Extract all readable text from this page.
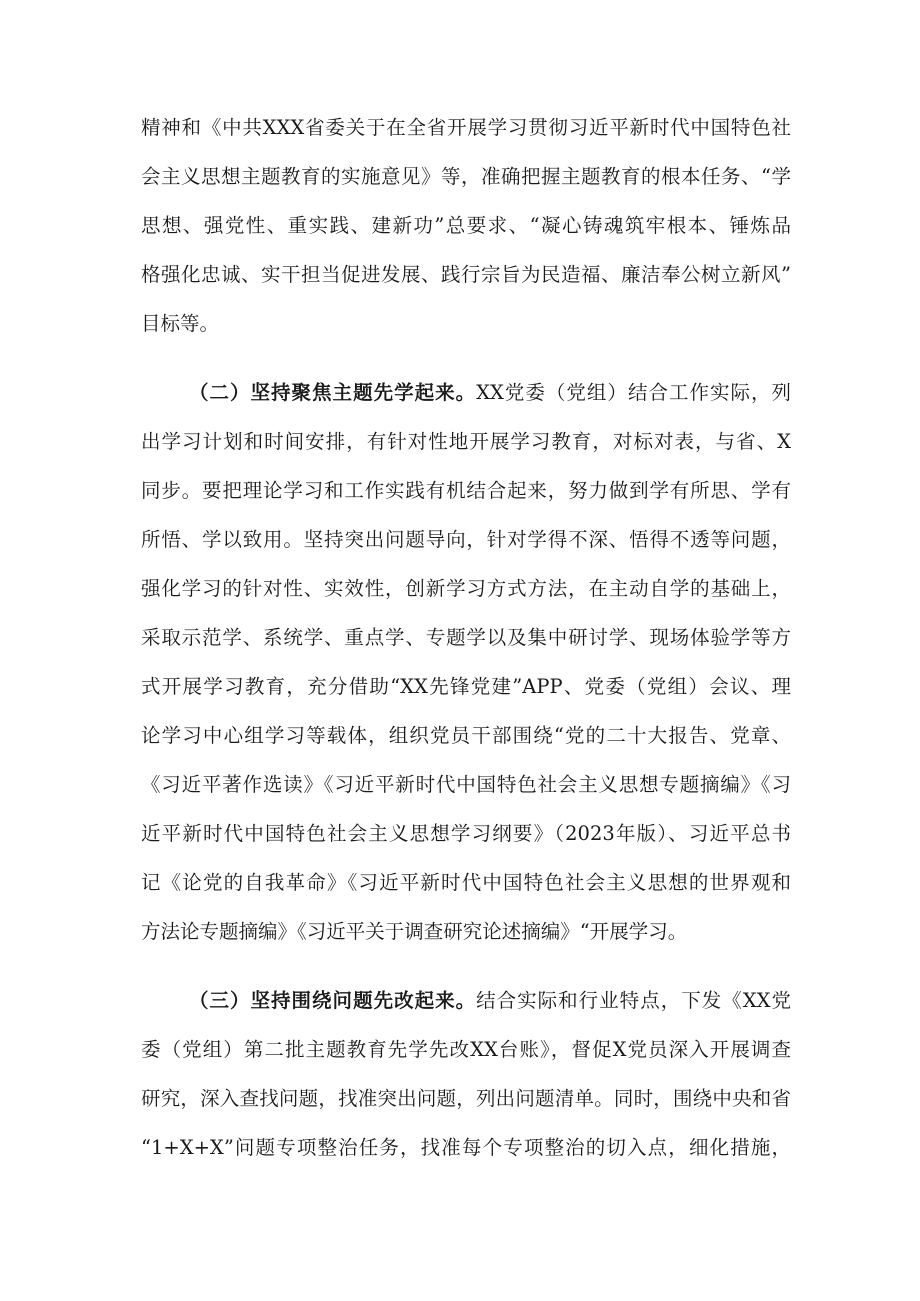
精神和《中共XXX省委关于在全省开展学习贯彻习近平新时代中国特色社
会主义思想主题教育的实施意见》等，准确把握主题教育的根本任务、“学
思想、强党性、重实践、建新功”总要求、“凝心铸魂筑牢根本、锤炼品
格强化忠诚、实干担当促进发展、践行宗旨为民造福、廉洁奉公树立新风”
目标等。
（二）坚持聚焦主题先学起来。XX党委（党组）结合工作实际，列
出学习计划和时间安排，有针对性地开展学习教育，对标对表，与省、X
同步。要把理论学习和工作实践有机结合起来，努力做到学有所思、学有
所悟、学以致用。坚持突出问题导向，针对学得不深、悟得不透等问题，
强化学习的针对性、实效性，创新学习方式方法，在主动自学的基础上，
采取示范学、系统学、重点学、专题学以及集中研讨学、现场体验学等方
式开展学习教育，充分借助“XX先锋党建”APP、党委（党组）会议、理
论学习中心组学习等载体，组织党员干部围绕“党的二十大报告、党章、
《习近平著作选读》《习近平新时代中国特色社会主义思想专题摘编》《习
近平新时代中国特色社会主义思想学习纲要》（2023年版）、习近平总书
记《论党的自我革命》《习近平新时代中国特色社会主义思想的世界观和
方法论专题摘编》《习近平关于调查研究论述摘编》“开展学习。
（三）坚持围绕问题先改起来。结合实际和行业特点，下发《XX党
委（党组）第二批主题教育先学先改XX台账》，督促X党员深入开展调查
研究，深入查找问题，找准突出问题，列出问题清单。同时，围绕中央和省
“1+X+X”问题专项整治任务，找准每个专项整治的切入点，细化措施，
